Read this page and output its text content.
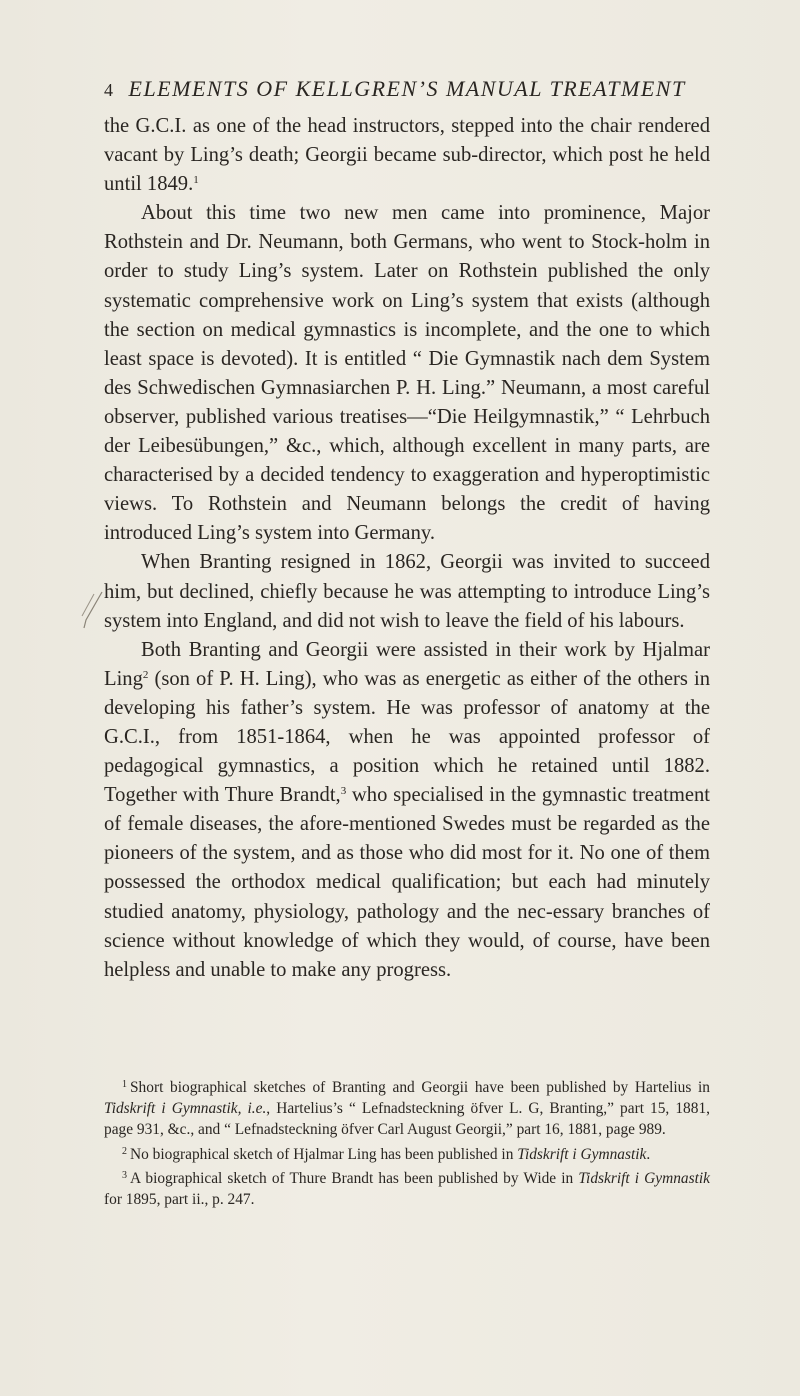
4 ELEMENTS OF KELLGREN’S MANUAL TREATMENT

the G.C.I. as one of the head instructors, stepped into the chair rendered vacant by Ling’s death; Georgii became sub-director, which post he held until 1849.$^1$

About this time two new men came into prominence, Major Rothstein and Dr. Neumann, both Germans, who went to Stock-holm in order to study Ling’s system. Later on Rothstein published the only systematic comprehensive work on Ling’s system that exists (although the section on medical gymnastics is incomplete, and the one to which least space is devoted). It is entitled “ Die Gymnastik nach dem System des Schwedischen Gymnasiarchen P. H. Ling.” Neumann, a most careful observer, published various treatises—“Die Heilgymnastik,” “ Lehrbuch der Leibesübungen,” &c., which, although excellent in many parts, are characterised by a decided tendency to exaggeration and hyperoptimistic views. To Rothstein and Neumann belongs the credit of having introduced Ling’s system into Germany.

When Branting resigned in 1862, Georgii was invited to succeed him, but declined, chiefly because he was attempting to introduce Ling’s system into England, and did not wish to leave the field of his labours.

Both Branting and Georgii were assisted in their work by Hjalmar Ling$^2$ (son of P. H. Ling), who was as energetic as either of the others in developing his father’s system. He was professor of anatomy at the G.C.I., from 1851-1864, when he was appointed professor of pedagogical gymnastics, a position which he retained until 1882. Together with Thure Brandt,$^3$ who specialised in the gymnastic treatment of female diseases, the afore-mentioned Swedes must be regarded as the pioneers of the system, and as those who did most for it. No one of them possessed the orthodox medical qualification; but each had minutely studied anatomy, physiology, pathology and the nec-essary branches of science without knowledge of which they would, of course, have been helpless and unable to make any progress.

$^1$ Short biographical sketches of Branting and Georgii have been published by Hartelius in Tidskrift i Gymnastik, i.e., Hartelius’s “ Lefnadsteckning öfver L. G, Branting,” part 15, 1881, page 931, &c., and “ Lefnadsteckning öfver Carl August Georgii,” part 16, 1881, page 989.

$^2$ No biographical sketch of Hjalmar Ling has been published in Tidskrift i Gymnastik.

$^3$ A biographical sketch of Thure Brandt has been published by Wide in Tidskrift i Gymnastik for 1895, part ii., p. 247.
